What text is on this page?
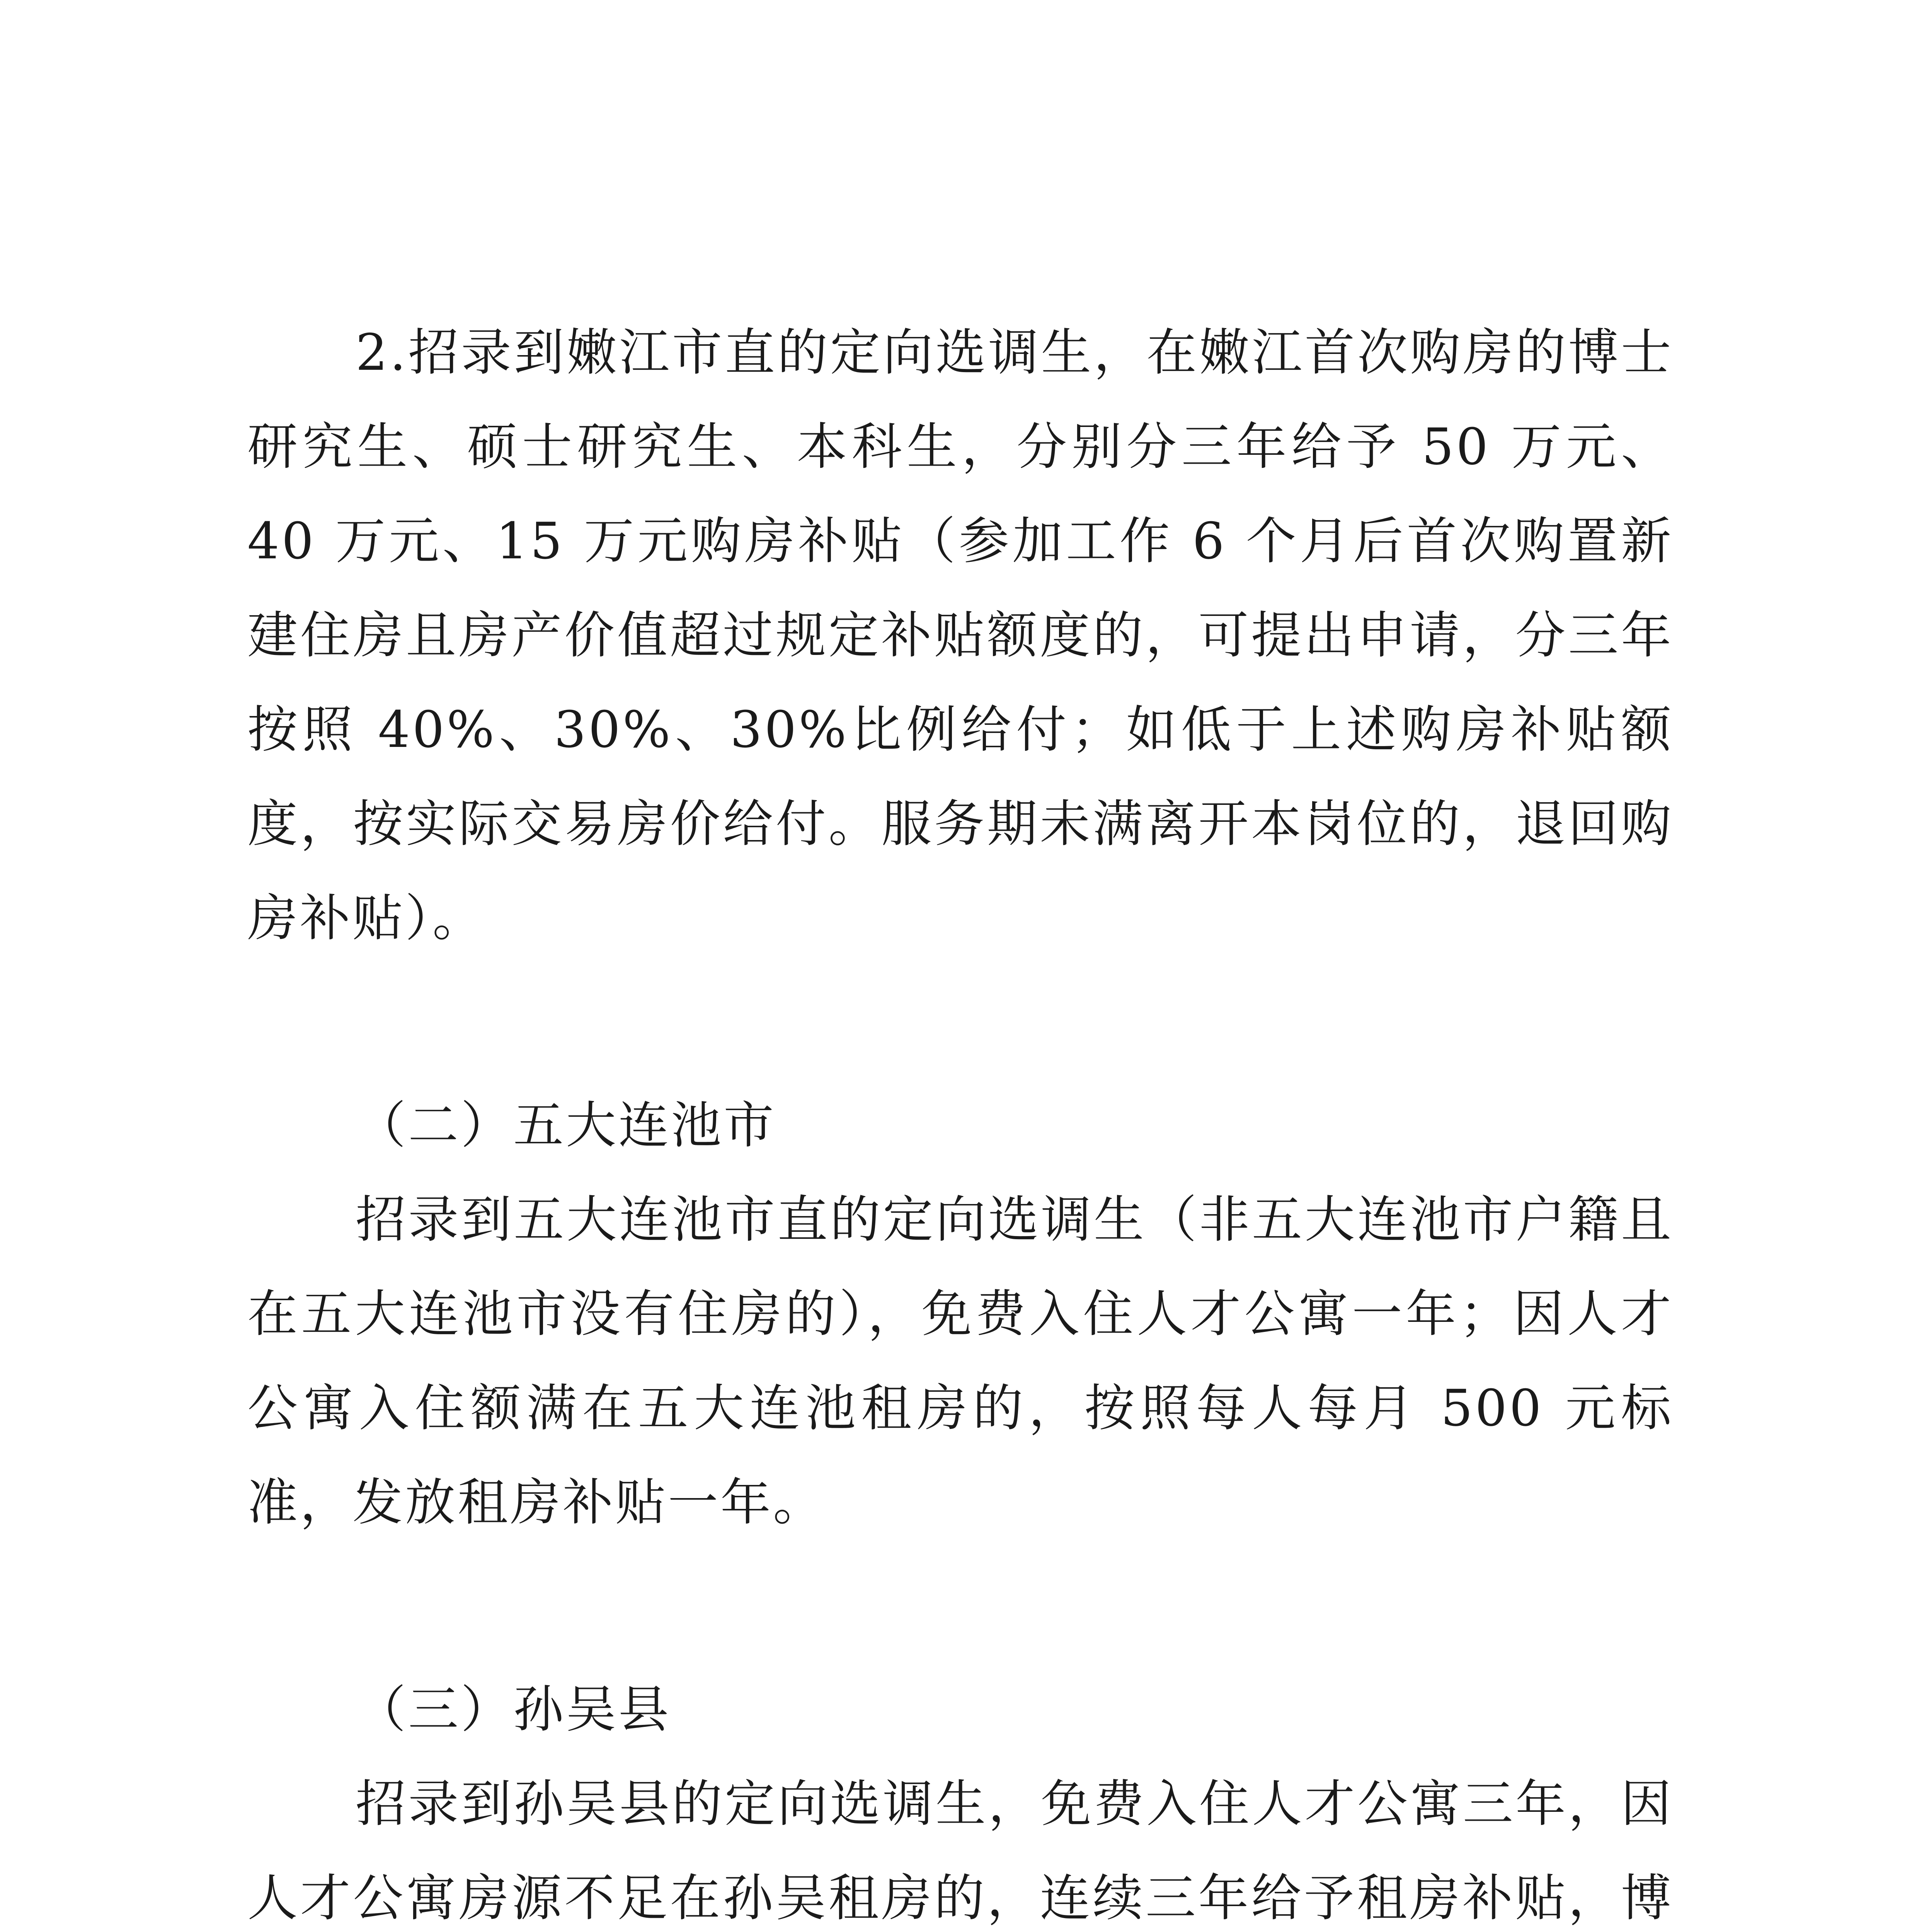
2.招录到嫩江市直的定向选调生，在嫩江首次购房的博士研究生、硕士研究生、本科生，分别分三年给予 50 万元、40 万元、15 万元购房补贴（参加工作 6 个月后首次购置新建住房且房产价值超过规定补贴额度的，可提出申请，分三年按照 40%、30%、30%比例给付；如低于上述购房补贴额度，按实际交易房价给付。服务期未满离开本岗位的，退回购房补贴）。

（二）五大连池市

招录到五大连池市直的定向选调生（非五大连池市户籍且在五大连池市没有住房的），免费入住人才公寓一年；因人才公寓入住额满在五大连池租房的，按照每人每月 500 元标准，发放租房补贴一年。

（三）孙吴县

招录到孙吴县的定向选调生，免费入住人才公寓三年，因人才公寓房源不足在孙吴租房的，连续三年给予租房补贴，博
